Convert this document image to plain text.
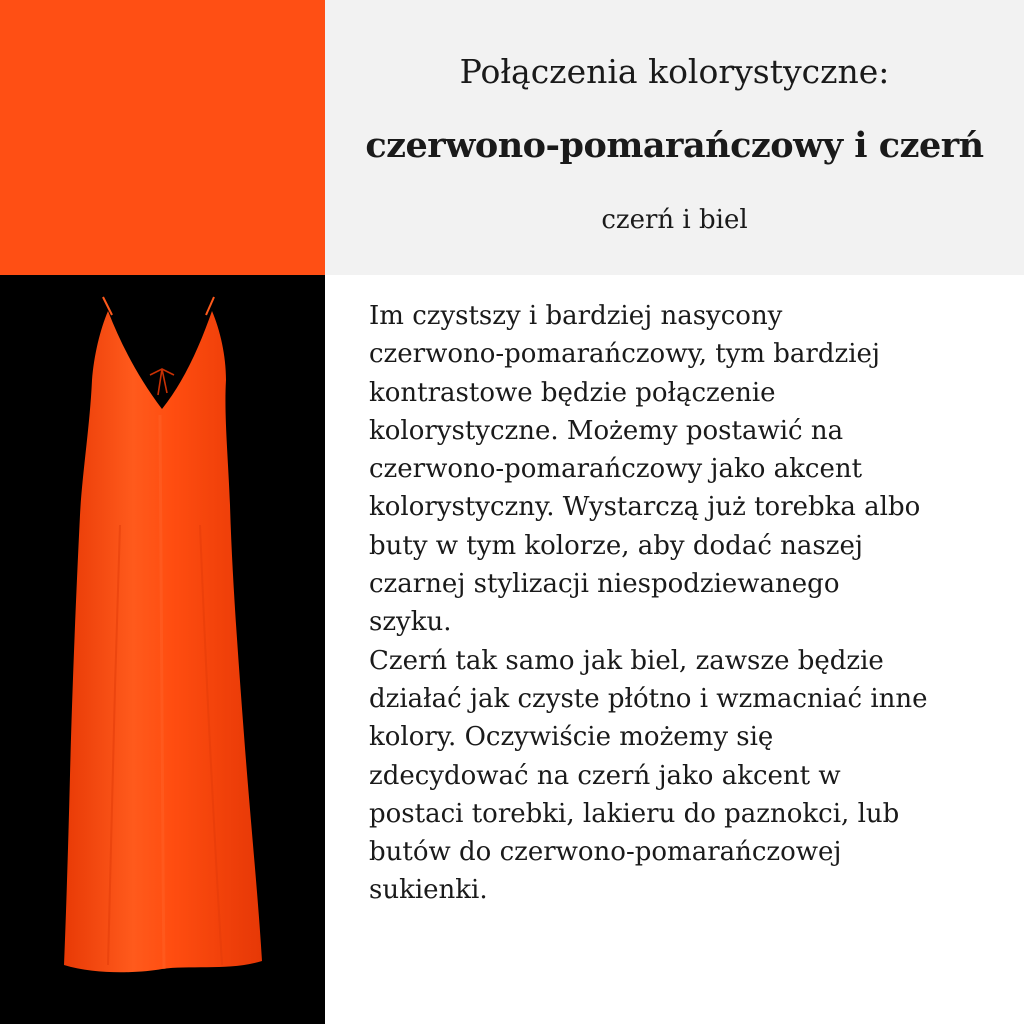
Połączenia kolorystyczne:
czerwono-pomarańczowy i czerń
czerń i biel
Im czystszy i bardziej nasycony
czerwono-pomarańczowy, tym bardziej
kontrastowe będzie połączenie
kolorystyczne. Możemy postawić na
czerwono-pomarańczowy jako akcent
kolorystyczny. Wystarczą już torebka albo
buty w tym kolorze, aby dodać naszej
czarnej stylizacji niespodziewanego
szyku.
Czerń tak samo jak biel, zawsze będzie
działać jak czyste płótno i wzmacniać inne
kolory. Oczywiście możemy się
zdecydować na czerń jako akcent w
postaci torebki, lakieru do paznokci, lub
butów do czerwono-pomarańczowej
sukienki.
